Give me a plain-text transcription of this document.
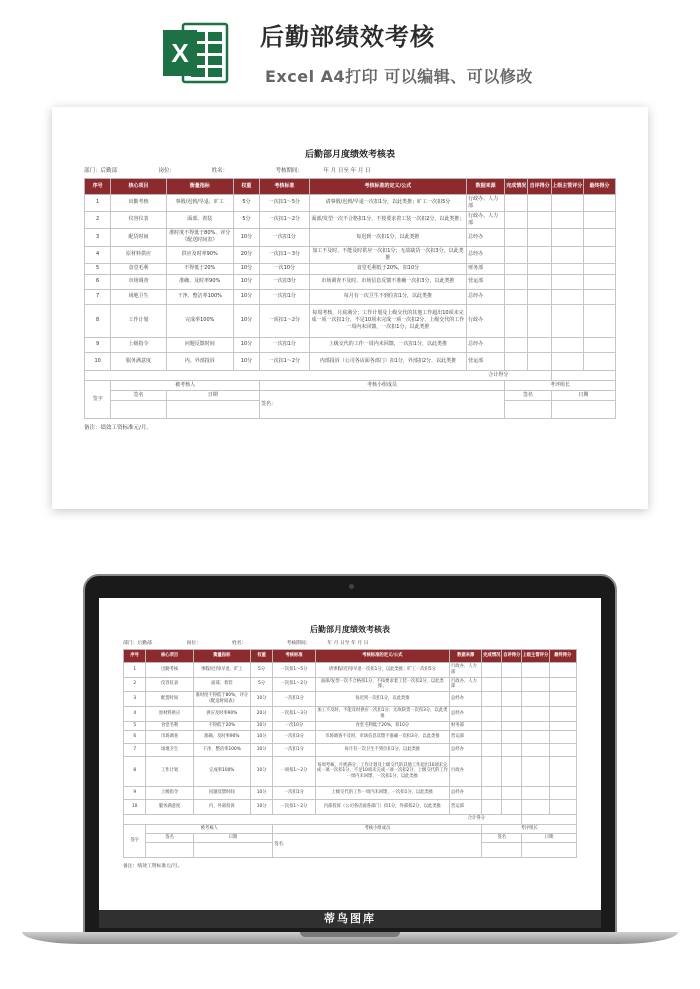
X
后勤部绩效考核
Excel A4打印 可以编辑、可以修改
后勤部月度绩效考核表
部门：后勤部	岗位：	姓名：	考核期间：	年 月 日至 年 月 日
序号	核心项目	衡量指标	权重	考核标准	考核标准的定义/公式	数据来源	完成情况	自评得分	上级主管评分	最终得分
1	出勤考核	事假/迟到/早退、旷工	5分	一次扣1～5分	请事假/迟到/早退一次扣1分，以此类推；旷工一次扣5分	行政办、人力部				
2	仪容仪表	面部、着装	5分	一次扣1～2分	面部/发型一次不合格扣1分，不按要求着工装一次扣2分，以此类推；	行政办、人力部				
3	配货时间	准时度不得低于80%，评分《配送时间表》	10分	一次扣1分	每迟到一次扣1分，以此类推	总经办				
4	原材料供应	供应及时率90%	20分	一次扣1～3分	加工不及时，不能及时供应一次扣1分；无故缺货一次扣3分，以此类推	总经办				
5	食堂毛利	不得低于20%	10分	一次10分	食堂毛利低于20%，扣10分	财务部				
6	市场调查	准确、及时率90%	10分	一次扣3分	市场调查不及时、市场信息反馈不准确一次扣3分，以此类推	营运部				
7	场地卫生	干净、整洁率100%	10分	一次扣1分	每月有一次卫生不到位扣1分，以此类推	总经办				
8	工作计划	完成率100%	10分	一项扣1～2分	每周考核，月底满分；工作计划及上级交代的其他工作超出10项未完成一项一次扣1分，不足10项未完成一项一次扣2分，上级交代的工作一周内未回馈，一次扣1分，以此类推	行政办				
9	上级指令	问题反馈时间	10分	一次扣1分	上级交代的工作一周内未回馈，一次扣1分，以此类推	总经办				
10	服务满意度	内、外部投诉	10分	一次扣1～2分	内部投诉（公司各店面各部门）扣1分，外部扣2分，以此类推	营运部				
合计得分										
签字	被考核人			考核小组成员			考评组长			
	签名	日期		签名：			签名		日期	

备注：绩效工资标准元/月。
后勤部月度绩效考核表
部门：后勤部	岗位：	姓名：	考核期间：	年 月 日至 年 月 日
序号	核心项目	衡量指标	权重	考核标准	考核标准的定义/公式	数据来源	完成情况	自评得分	上级主管评分	最终得分
1	出勤考核	事假/迟到/早退、旷工	5分	一次扣1～5分	请事假/迟到/早退一次扣1分，以此类推；旷工一次扣5分	行政办、人力部				
2	仪容仪表	面部、着装	5分	一次扣1～2分	面部/发型一次不合格扣1分，不按要求着工装一次扣2分，以此类推；	行政办、人力部				
3	配货时间	准时度不得低于80%，评分《配送时间表》	10分	一次扣1分	每迟到一次扣1分，以此类推	总经办				
4	原材料供应	供应及时率90%	20分	一次扣1～3分	加工不及时，不能及时供应一次扣1分；无故缺货一次扣3分，以此类推	总经办				
5	食堂毛利	不得低于20%	10分	一次10分	食堂毛利低于20%，扣10分	财务部				
6	市场调查	准确、及时率90%	10分	一次扣3分	市场调查不及时、市场信息反馈不准确一次扣3分，以此类推	营运部				
7	场地卫生	干净、整洁率100%	10分	一次扣1分	每月有一次卫生不到位扣1分，以此类推	总经办				
8	工作计划	完成率100%	10分	一项扣1～2分	每周考核，月底满分；工作计划及上级交代的其他工作超出10项未完成一项一次扣1分，不足10项未完成一项一次扣2分，上级交代的工作一周内未回馈，一次扣1分，以此类推	行政办				
9	上级指令	问题反馈时间	10分	一次扣1分	上级交代的工作一周内未回馈，一次扣1分，以此类推	总经办				
10	服务满意度	内、外部投诉	10分	一次扣1～2分	内部投诉（公司各店面各部门）扣1分，外部扣2分，以此类推	营运部				
合计得分										
签字	被考核人			考核小组成员			考评组长			
	签名	日期		签名：			签名		日期	

备注：绩效工资标准元/月。
蒂鸟图库
